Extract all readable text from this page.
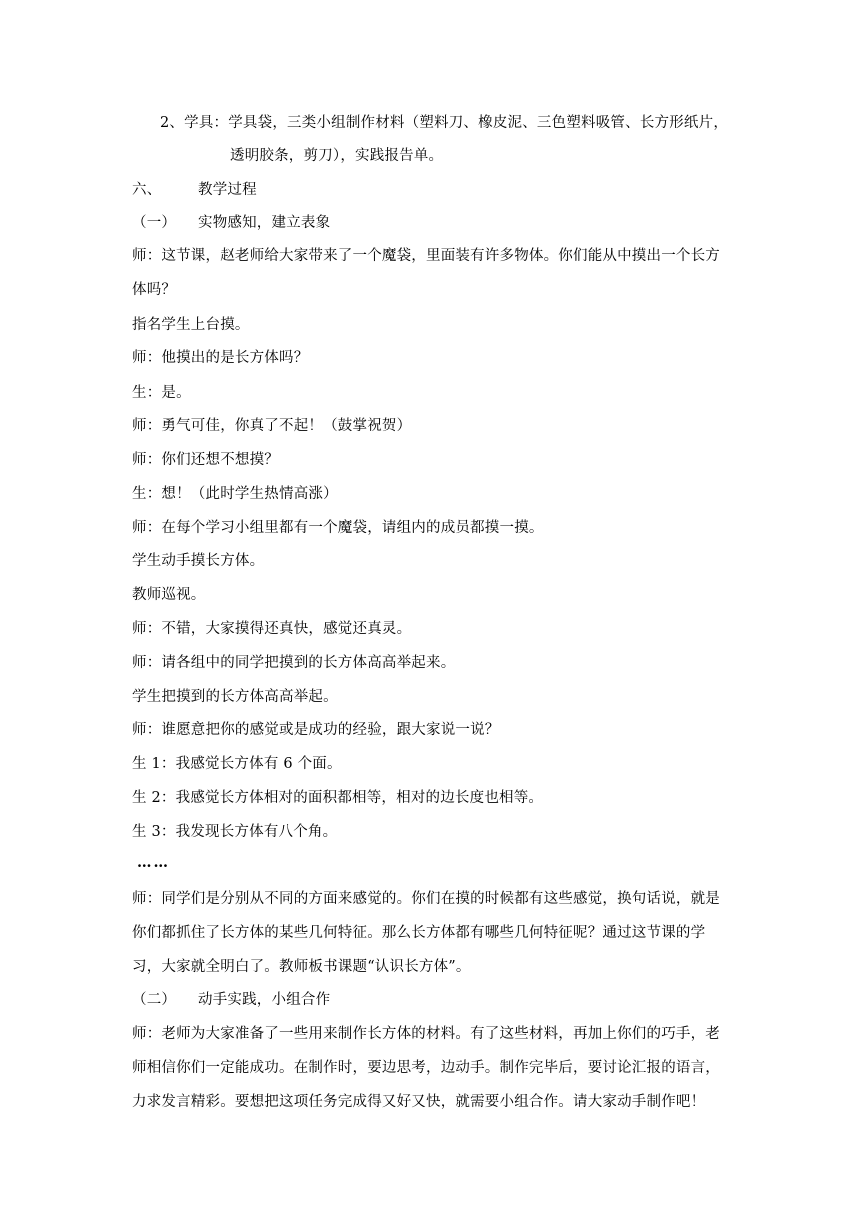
2、学具：学具袋，三类小组制作材料（塑料刀、橡皮泥、三色塑料吸管、长方形纸片，
透明胶条，剪刀），实践报告单。
六、	教学过程
（一） 实物感知，建立表象
师：这节课，赵老师给大家带来了一个魔袋，里面装有许多物体。你们能从中摸出一个长方
体吗？
指名学生上台摸。
师：他摸出的是长方体吗？
生：是。
师：勇气可佳，你真了不起！（鼓掌祝贺）
师：你们还想不想摸？
生：想！（此时学生热情高涨）
师：在每个学习小组里都有一个魔袋，请组内的成员都摸一摸。
学生动手摸长方体。
教师巡视。
师：不错，大家摸得还真快，感觉还真灵。
师：请各组中的同学把摸到的长方体高高举起来。
学生把摸到的长方体高高举起。
师：谁愿意把你的感觉或是成功的经验，跟大家说一说？
生 1：我感觉长方体有 6 个面。
生 2：我感觉长方体相对的面积都相等，相对的边长度也相等。
生 3：我发现长方体有八个角。
……
师：同学们是分别从不同的方面来感觉的。你们在摸的时候都有这些感觉，换句话说，就是
你们都抓住了长方体的某些几何特征。那么长方体都有哪些几何特征呢？通过这节课的学
习，大家就全明白了。教师板书课题“认识长方体”。
（二） 动手实践，小组合作
师：老师为大家准备了一些用来制作长方体的材料。有了这些材料，再加上你们的巧手，老
师相信你们一定能成功。在制作时，要边思考，边动手。制作完毕后，要讨论汇报的语言，
力求发言精彩。要想把这项任务完成得又好又快，就需要小组合作。请大家动手制作吧！
